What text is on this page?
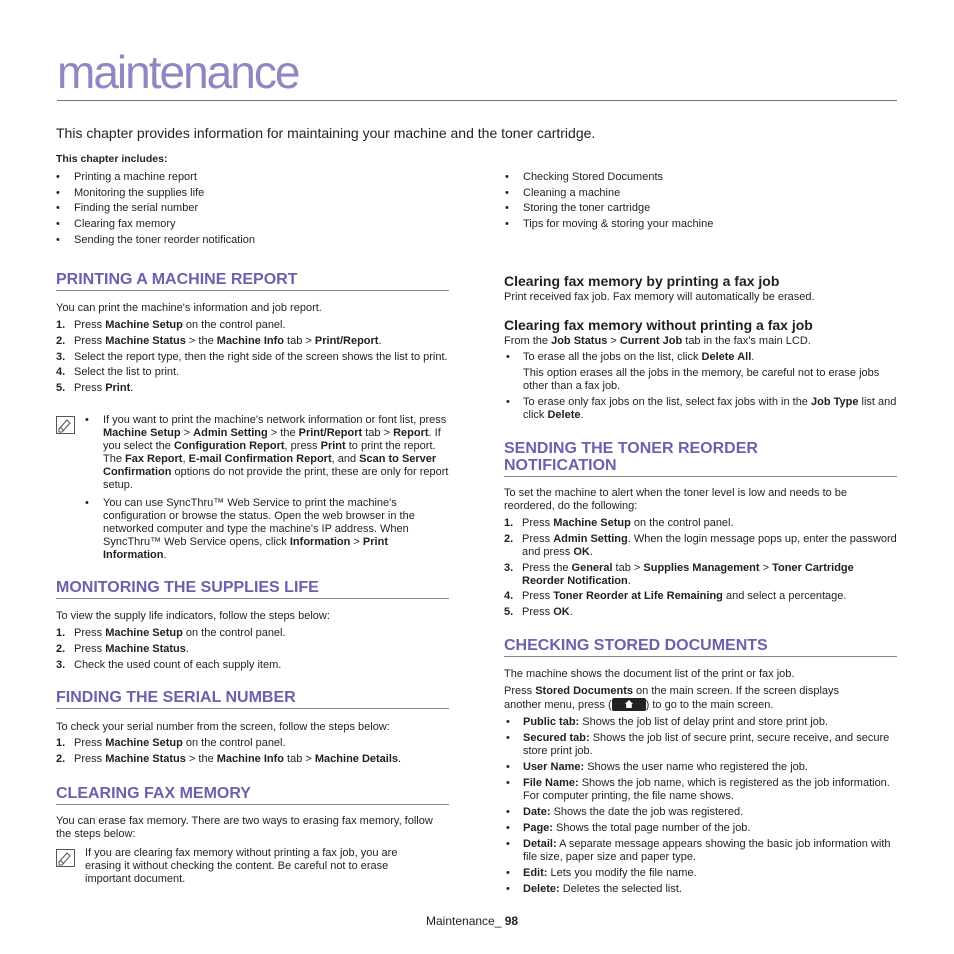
maintenance

This chapter provides information for maintaining your machine and the toner cartridge.

This chapter includes:

• Printing a machine report
• Monitoring the supplies life
• Finding the serial number
• Clearing fax memory
• Sending the toner reorder notification
• Checking Stored Documents
• Cleaning a machine
• Storing the toner cartridge
• Tips for moving & storing your machine
PRINTING A MACHINE REPORT

You can print the machine's information and job report.

1. Press Machine Setup on the control panel.
2. Press Machine Status > the Machine Info tab > Print/Report.
3. Select the report type, then the right side of the screen shows the list to print.
4. Select the list to print.
5. Press Print.
• If you want to print the machine's network information or font list, press Machine Setup > Admin Setting > the Print/Report tab > Report. If you select the Configuration Report, press Print to print the report. The Fax Report, E-mail Confirmation Report, and Scan to Server Confirmation options do not provide the print, these are only for report setup.
• You can use SyncThru™ Web Service to print the machine's configuration or browse the status. Open the web browser in the networked computer and type the machine's IP address. When SyncThru™ Web Service opens, click Information > Print Information.
MONITORING THE SUPPLIES LIFE

To view the supply life indicators, follow the steps below:

1. Press Machine Setup on the control panel.
2. Press Machine Status.
3. Check the used count of each supply item.
FINDING THE SERIAL NUMBER

To check your serial number from the screen, follow the steps below:

1. Press Machine Setup on the control panel.
2. Press Machine Status > the Machine Info tab > Machine Details.
CLEARING FAX MEMORY

You can erase fax memory. There are two ways to erasing fax memory, follow the steps below:

If you are clearing fax memory without printing a fax job, you are erasing it without checking the content. Be careful not to erase important document.

Clearing fax memory by printing a fax job

Print received fax job. Fax memory will automatically be erased.

Clearing fax memory without printing a fax job

From the Job Status > Current Job tab in the fax's main LCD.

• To erase all the jobs on the list, click Delete All.
This option erases all the jobs in the memory, be careful not to erase jobs other than a fax job.
• To erase only fax jobs on the list, select fax jobs with in the Job Type list and click Delete.
SENDING THE TONER REORDER
NOTIFICATION

To set the machine to alert when the toner level is low and needs to be reordered, do the following:

1. Press Machine Setup on the control panel.
2. Press Admin Setting. When the login message pops up, enter the password and press OK.
3. Press the General tab > Supplies Management > Toner Cartridge Reorder Notification.
4. Press Toner Reorder at Life Remaining and select a percentage.
5. Press OK.
CHECKING STORED DOCUMENTS

The machine shows the document list of the print or fax job.

Press Stored Documents on the main screen. If the screen displays another menu, press (	) to go to the main screen.

• Public tab: Shows the job list of delay print and store print job.
• Secured tab: Shows the job list of secure print, secure receive, and secure store print job.
• User Name: Shows the user name who registered the job.
• File Name: Shows the job name, which is registered as the job information. For computer printing, the file name shows.
• Date: Shows the date the job was registered.
• Page: Shows the total page number of the job.
• Detail: A separate message appears showing the basic job information with file size, paper size and paper type.
• Edit: Lets you modify the file name.
• Delete: Deletes the selected list.
Maintenance_ 98
